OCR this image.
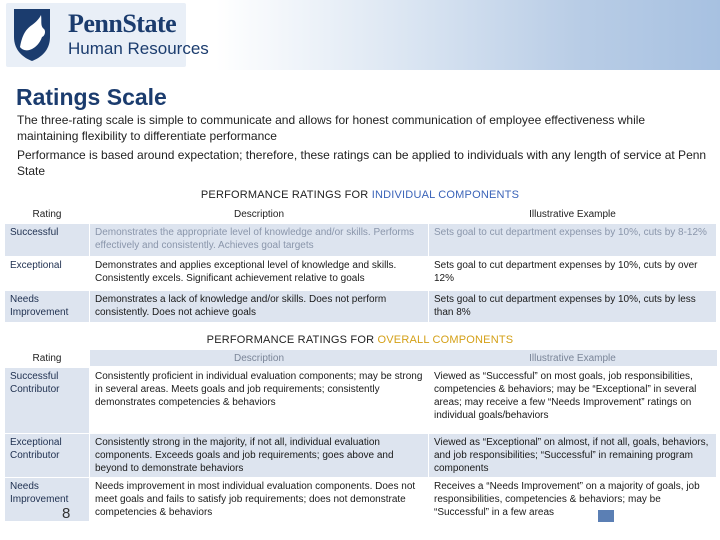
PennState
Human Resources
Ratings Scale

The three-rating scale is simple to communicate and allows for honest communication of employee effectiveness while maintaining flexibility to differentiate performance

Performance is based around expectation; therefore, these ratings can be applied to individuals with any length of service at Penn State

PERFORMANCE RATINGS FOR INDIVIDUAL COMPONENTS
Rating	Description	Illustrative Example
Successful	Demonstrates the appropriate level of knowledge and/or skills. Performs effectively and consistently. Achieves goal targets	Sets goal to cut department expenses by 10%, cuts by 8-12%
Exceptional	Demonstrates and applies exceptional level of knowledge and skills. Consistently excels. Significant achievement relative to goals	Sets goal to cut department expenses by 10%, cuts by over 12%
Needs Improvement	Demonstrates a lack of knowledge and/or skills. Does not perform consistently. Does not achieve goals	Sets goal to cut department expenses by 10%, cuts by less than 8%
PERFORMANCE RATINGS FOR OVERALL COMPONENTS
Rating	Description	Illustrative Example
Successful Contributor	Consistently proficient in individual evaluation components; may be strong in several areas. Meets goals and job requirements; consistently demonstrates competencies & behaviors	Viewed as “Successful” on most goals, job responsibilities, competencies & behaviors; may be “Exceptional” in several areas; may receive a few “Needs Improvement” ratings on individual goals/behaviors
Exceptional Contributor	Consistently strong in the majority, if not all, individual evaluation components. Exceeds goals and job requirements; goes above and beyond to demonstrate behaviors	Viewed as “Exceptional” on almost, if not all, goals, behaviors, and job responsibilities; “Successful” in remaining program components
Needs Improvement	Needs improvement in most individual evaluation components. Does not meet goals and fails to satisfy job requirements; does not demonstrate competencies & behaviors	Receives a “Needs Improvement” on a majority of goals, job responsibilities, competencies & behaviors; may be “Successful” in a few areas
8
